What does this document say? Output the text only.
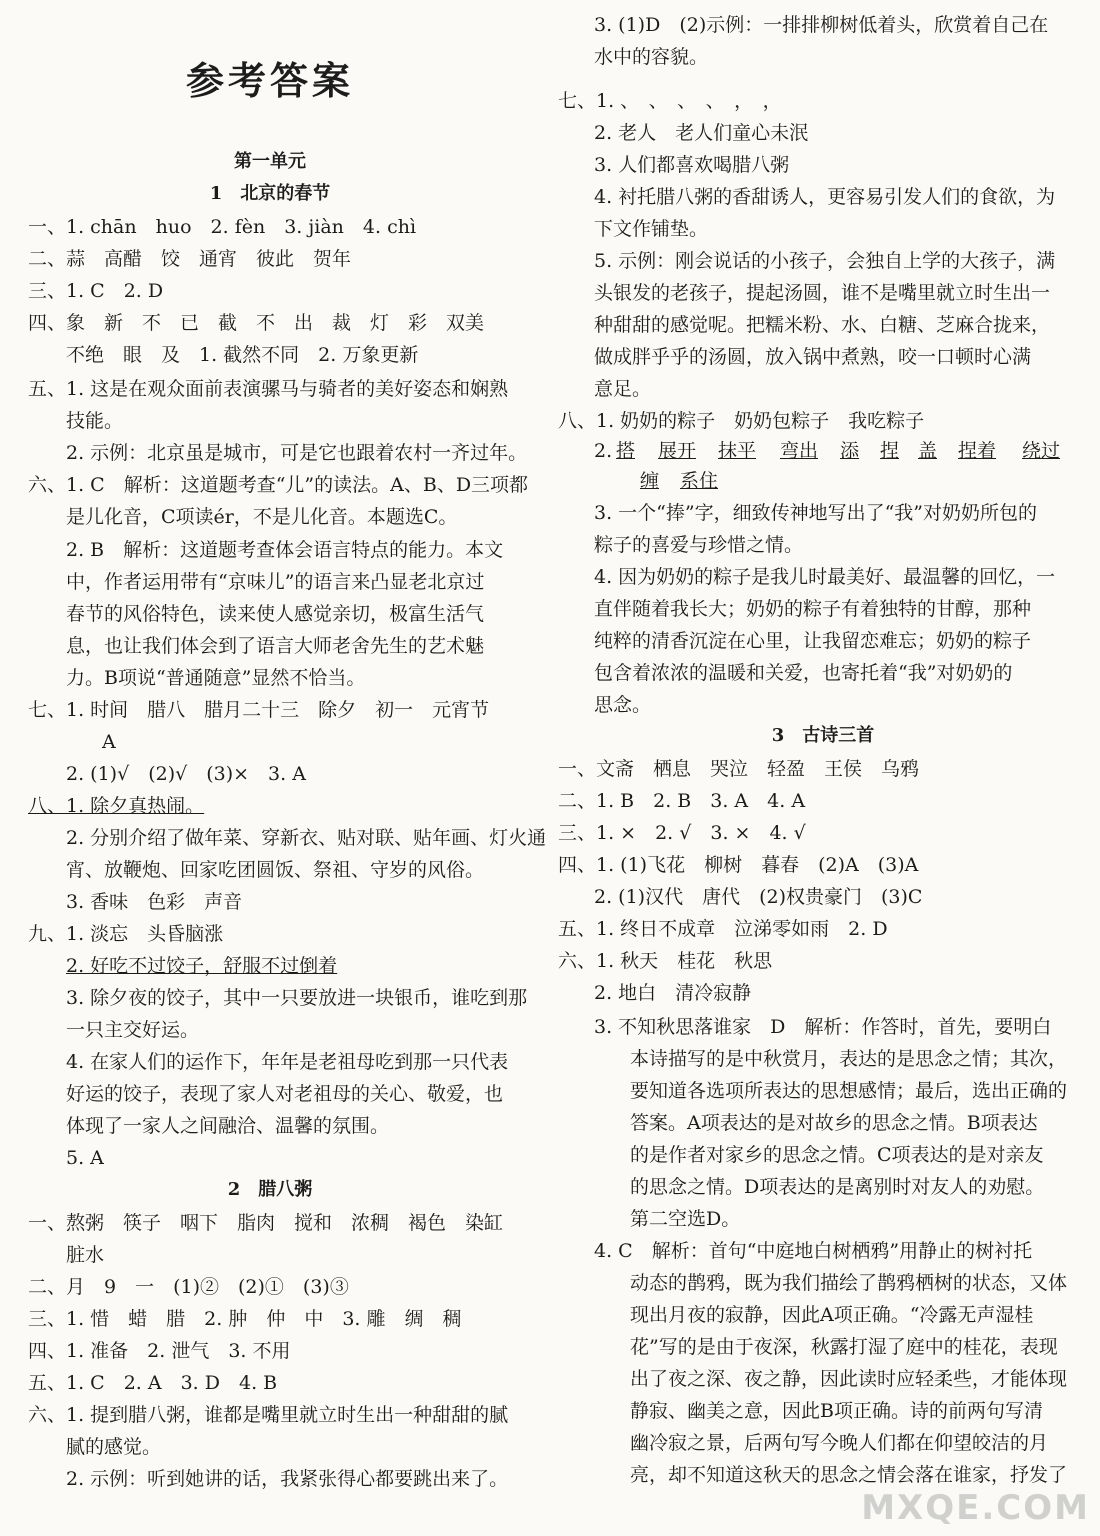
参考答案
第一单元
1　北京的春节
一、1. chān　huo　2. fèn　3. jiàn　4. chì
二、蒜　高醋　饺　通宵　彼此　贺年
三、1. C　2. D
四、象　新　不　已　截　不　出　裁　灯　彩　双美
不绝　眼　及　1. 截然不同　2. 万象更新
五、1. 这是在观众面前表演骡马与骑者的美好姿态和娴熟
技能。
2. 示例：北京虽是城市，可是它也跟着农村一齐过年。
六、1. C　解析：这道题考查“儿”的读法。A、B、D三项都
是儿化音，C项读ér，不是儿化音。本题选C。
2. B　解析：这道题考查体会语言特点的能力。本文
中，作者运用带有“京味儿”的语言来凸显老北京过
春节的风俗特色，读来使人感觉亲切，极富生活气
息，也让我们体会到了语言大师老舍先生的艺术魅
力。B项说“普通随意”显然不恰当。
七、1. 时间　腊八　腊月二十三　除夕　初一　元宵节
A
2. (1)√　(2)√　(3)×　3. A
八、1. 除夕真热闹。
2. 分别介绍了做年菜、穿新衣、贴对联、贴年画、灯火通
宵、放鞭炮、回家吃团圆饭、祭祖、守岁的风俗。
3. 香味　色彩　声音
九、1. 淡忘　头昏脑涨
2. 好吃不过饺子，舒服不过倒着
3. 除夕夜的饺子，其中一只要放进一块银币，谁吃到那
一只主交好运。
4. 在家人们的运作下，年年是老祖母吃到那一只代表
好运的饺子，表现了家人对老祖母的关心、敬爱，也
体现了一家人之间融洽、温馨的氛围。
5. A
2　腊八粥
一、熬粥　筷子　咽下　脂肉　搅和　浓稠　褐色　染缸
脏水
二、月　9　一　(1)②　(2)①　(3)③
三、1. 惜　蜡　腊　2. 肿　仲　中　3. 雕　绸　稠
四、1. 准备　2. 泄气　3. 不用
五、1. C　2. A　3. D　4. B
六、1. 提到腊八粥，谁都是嘴里就立时生出一种甜甜的腻
腻的感觉。
2. 示例：听到她讲的话，我紧张得心都要跳出来了。
3. (1)D　(2)示例：一排排柳树低着头，欣赏着自己在
水中的容貌。
七、1. 、　、　、　、　，　，
2. 老人　老人们童心未泯
3. 人们都喜欢喝腊八粥
4. 衬托腊八粥的香甜诱人，更容易引发人们的食欲，为
下文作铺垫。
5. 示例：刚会说话的小孩子，会独自上学的大孩子，满
头银发的老孩子，提起汤圆，谁不是嘴里就立时生出一
种甜甜的感觉呢。把糯米粉、水、白糖、芝麻合拢来，
做成胖乎乎的汤圆，放入锅中煮熟，咬一口顿时心满
意足。
八、1. 奶奶的粽子　奶奶包粽子　我吃粽子
2. 搭 展开 抹平 弯出 添 捏 盖 捏着 绕过
缠 系住
3. 一个“捧”字，细致传神地写出了“我”对奶奶所包的
粽子的喜爱与珍惜之情。
4. 因为奶奶的粽子是我儿时最美好、最温馨的回忆，一
直伴随着我长大；奶奶的粽子有着独特的甘醇，那种
纯粹的清香沉淀在心里，让我留恋难忘；奶奶的粽子
包含着浓浓的温暖和关爱，也寄托着“我”对奶奶的
思念。
3　古诗三首
一、文斋　栖息　哭泣　轻盈　王侯　乌鸦
二、1. B　2. B　3. A　4. A
三、1. ×　2. √　3. ×　4. √
四、1. (1)飞花　柳树　暮春　(2)A　(3)A
2. (1)汉代　唐代　(2)权贵豪门　(3)C
五、1. 终日不成章　泣涕零如雨　2. D
六、1. 秋天　桂花　秋思
2. 地白　清冷寂静
3. 不知秋思落谁家　D　解析：作答时，首先，要明白
本诗描写的是中秋赏月，表达的是思念之情；其次，
要知道各选项所表达的思想感情；最后，选出正确的
答案。A项表达的是对故乡的思念之情。B项表达
的是作者对家乡的思念之情。C项表达的是对亲友
的思念之情。D项表达的是离别时对友人的劝慰。
第二空选D。
4. C　解析：首句“中庭地白树栖鸦”用静止的树衬托
动态的鹊鸦，既为我们描绘了鹊鸦栖树的状态，又体
现出月夜的寂静，因此A项正确。“冷露无声湿桂
花”写的是由于夜深，秋露打湿了庭中的桂花，表现
出了夜之深、夜之静，因此读时应轻柔些，才能体现
静寂、幽美之意，因此B项正确。诗的前两句写清
幽冷寂之景，后两句写今晚人们都在仰望皎洁的月
亮，却不知道这秋天的思念之情会落在谁家，抒发了
MXQE.COM
